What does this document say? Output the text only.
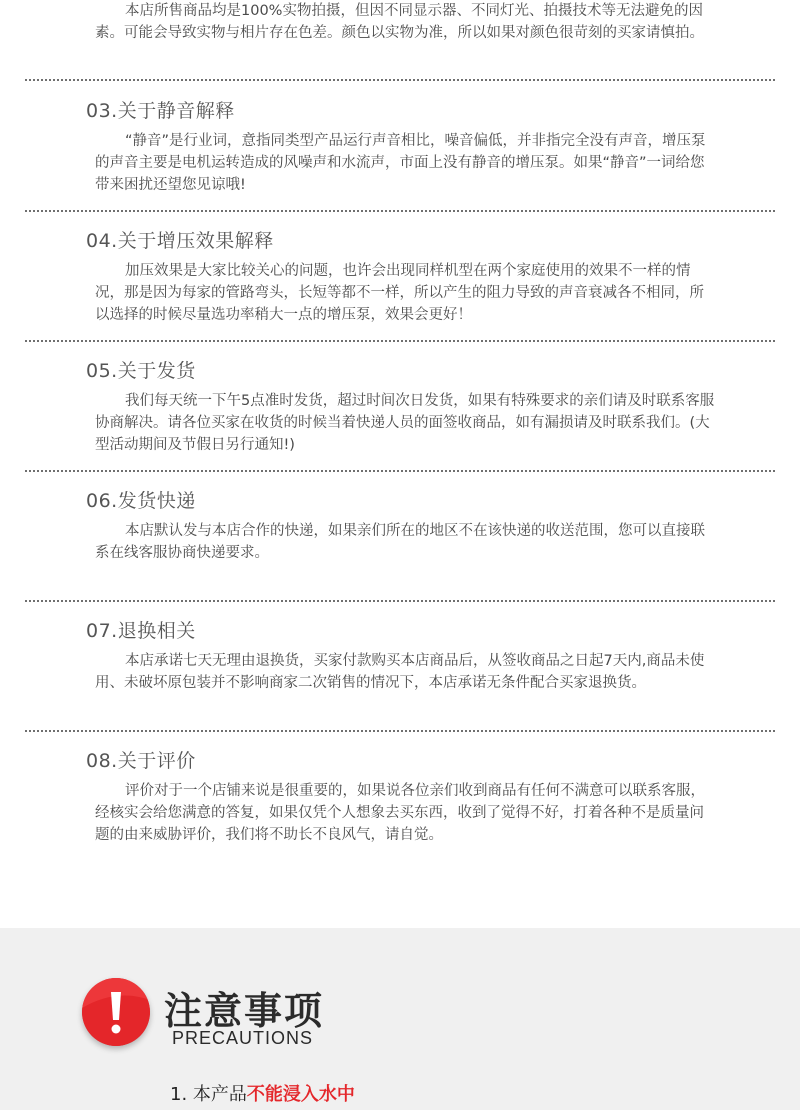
本店所售商品均是100%实物拍摄，但因不同显示器、不同灯光、拍摄技术等无法避免的因素。可能会导致实物与相片存在色差。颜色以实物为准，所以如果对颜色很苛刻的买家请慎拍。

03.关于静音解释

“静音”是行业词，意指同类型产品运行声音相比，噪音偏低，并非指完全没有声音，增压泵的声音主要是电机运转造成的风噪声和水流声，市面上没有静音的增压泵。如果“静音”一词给您带来困扰还望您见谅哦!

04.关于增压效果解释

加压效果是大家比较关心的问题，也许会出现同样机型在两个家庭使用的效果不一样的情况，那是因为每家的管路弯头，长短等都不一样，所以产生的阻力导致的声音衰减各不相同，所以选择的时候尽量选功率稍大一点的增压泵，效果会更好！

05.关于发货

我们每天统一下午5点准时发货，超过时间次日发货，如果有特殊要求的亲们请及时联系客服协商解决。请各位买家在收货的时候当着快递人员的面签收商品，如有漏损请及时联系我们。(大型活动期间及节假日另行通知!)

06.发货快递

本店默认发与本店合作的快递，如果亲们所在的地区不在该快递的收送范围，您可以直接联系在线客服协商快递要求。

07.退换相关

本店承诺七天无理由退换货，买家付款购买本店商品后，从签收商品之日起7天内,商品未使用、未破坏原包装并不影响商家二次销售的情况下，本店承诺无条件配合买家退换货。

08.关于评价

评价对于一个店铺来说是很重要的，如果说各位亲们收到商品有任何不满意可以联系客服，经核实会给您满意的答复，如果仅凭个人想象去买东西，收到了觉得不好，打着各种不是质量问题的由来威胁评价，我们将不助长不良风气，请自觉。

注意事项
PRECAUTIONS
1. 本产品不能浸入水中
